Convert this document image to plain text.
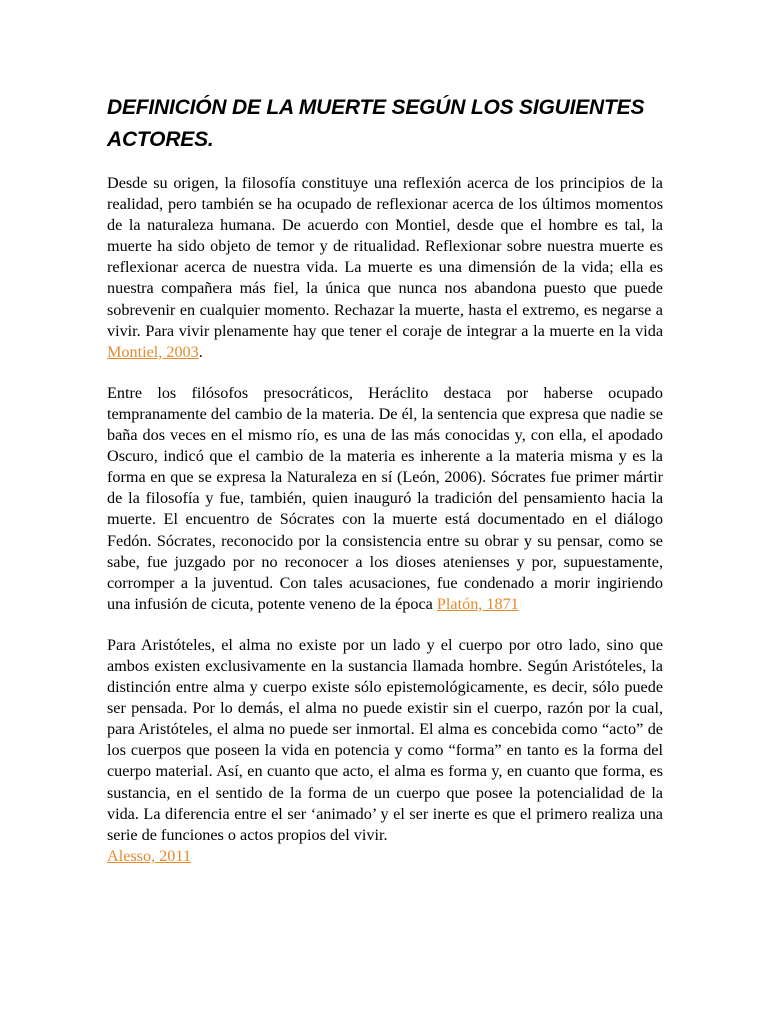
DEFINICIÓN DE LA MUERTE SEGÚN LOS SIGUIENTES ACTORES.

Desde su origen, la filosofía constituye una reflexión acerca de los principios de la realidad, pero también se ha ocupado de reflexionar acerca de los últimos momentos de la naturaleza humana. De acuerdo con Montiel, desde que el hombre es tal, la muerte ha sido objeto de temor y de ritualidad. Reflexionar sobre nuestra muerte es reflexionar acerca de nuestra vida. La muerte es una dimensión de la vida; ella es nuestra compañera más fiel, la única que nunca nos abandona puesto que puede sobrevenir en cualquier momento. Rechazar la muerte, hasta el extremo, es negarse a vivir. Para vivir plenamente hay que tener el coraje de integrar a la muerte en la vida Montiel, 2003.

Entre los filósofos presocráticos, Heráclito destaca por haberse ocupado tempranamente del cambio de la materia. De él, la sentencia que expresa que nadie se baña dos veces en el mismo río, es una de las más conocidas y, con ella, el apodado Oscuro, indicó que el cambio de la materia es inherente a la materia misma y es la forma en que se expresa la Naturaleza en sí (León, 2006). Sócrates fue primer mártir de la filosofía y fue, también, quien inauguró la tradición del pensamiento hacia la muerte. El encuentro de Sócrates con la muerte está documentado en el diálogo Fedón. Sócrates, reconocido por la consistencia entre su obrar y su pensar, como se sabe, fue juzgado por no reconocer a los dioses atenienses y por, supuestamente, corromper a la juventud. Con tales acusaciones, fue condenado a morir ingiriendo una infusión de cicuta, potente veneno de la época Platón, 1871

Para Aristóteles, el alma no existe por un lado y el cuerpo por otro lado, sino que ambos existen exclusivamente en la sustancia llamada hombre. Según Aristóteles, la distinción entre alma y cuerpo existe sólo epistemológicamente, es decir, sólo puede ser pensada. Por lo demás, el alma no puede existir sin el cuerpo, razón por la cual, para Aristóteles, el alma no puede ser inmortal. El alma es concebida como “acto” de los cuerpos que poseen la vida en potencia y como “forma” en tanto es la forma del cuerpo material. Así, en cuanto que acto, el alma es forma y, en cuanto que forma, es sustancia, en el sentido de la forma de un cuerpo que posee la potencialidad de la vida. La diferencia entre el ser ‘animado’ y el ser inerte es que el primero realiza una serie de funciones o actos propios del vivir.
Alesso, 2011
